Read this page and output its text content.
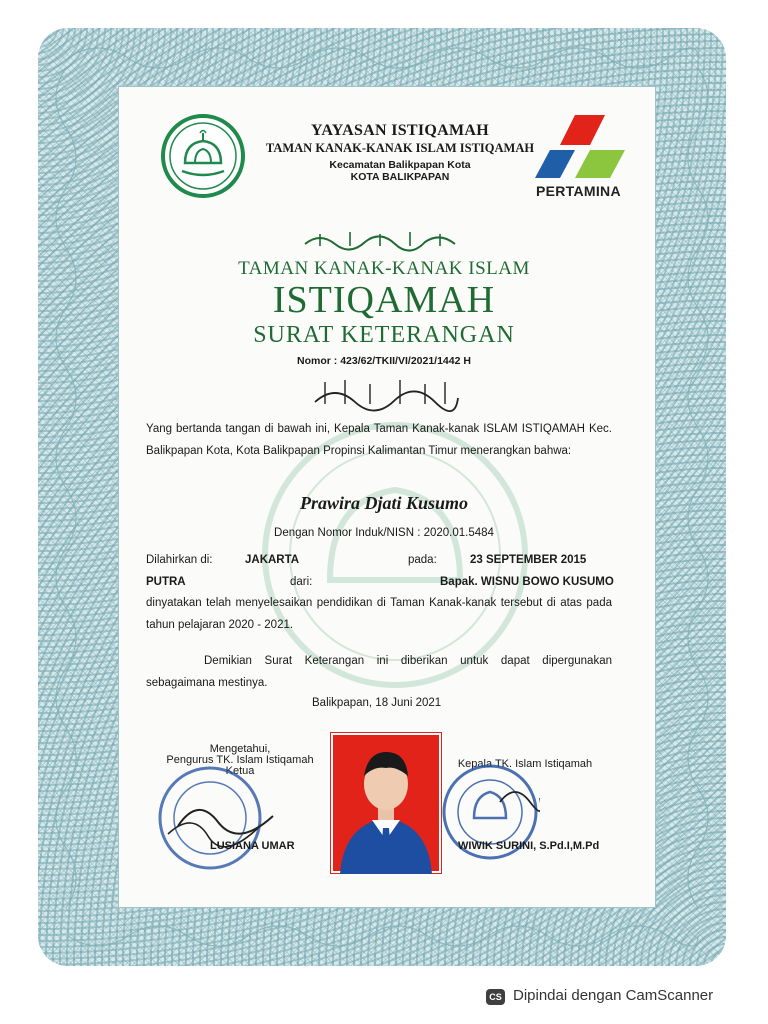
YAYASAN ISTIQAMAH
TAMAN KANAK-KANAK ISLAM ISTIQAMAH
Kecamatan Balikpapan Kota
KOTA BALIKPAPAN
PERTAMINA
TAMAN KANAK-KANAK ISLAM
ISTIQAMAH
SURAT KETERANGAN
Nomor : 423/62/TKII/VI/2021/1442 H
Yang bertanda tangan di bawah ini, Kepala Taman Kanak-kanak ISLAM ISTIQAMAH Kec. Balikpapan Kota, Kota Balikpapan Propinsi Kalimantan Timur menerangkan bahwa:
Prawira Djati Kusumo
Dengan Nomor Induk/NISN : 2020.01.5484
Dilahirkan di:	JAKARTA	pada:	23 SEPTEMBER 2015
PUTRA	dari:	Bapak. WISNU BOWO KUSUMO
dinyatakan telah menyelesaikan pendidikan di Taman Kanak-kanak tersebut di atas pada tahun pelajaran 2020 - 2021.
Demikian Surat Keterangan ini diberikan untuk dapat dipergunakan sebagaimana mestinya.
Balikpapan, 18 Juni 2021
Mengetahui,
Pengurus TK. Islam Istiqamah
Ketua
LUSIANA UMAR
Kepala TK. Islam Istiqamah
WIWIK SURINI, S.Pd.I,M.Pd
CS Dipindai dengan CamScanner
